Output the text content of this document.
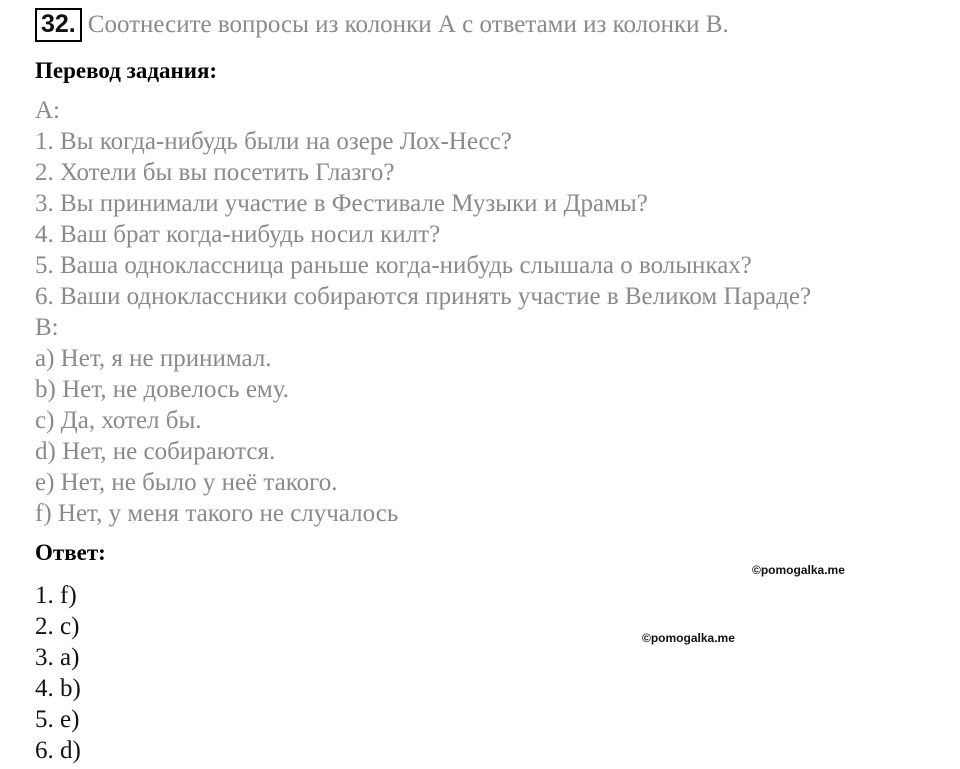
32. Соотнесите вопросы из колонки А с ответами из колонки В.
Перевод задания:
А:
1. Вы когда-нибудь были на озере Лох-Несс?
2. Хотели бы вы посетить Глазго?
3. Вы принимали участие в Фестивале Музыки и Драмы?
4. Ваш брат когда-нибудь носил килт?
5. Ваша одноклассница раньше когда-нибудь слышала о волынках?
6. Ваши одноклассники собираются принять участие в Великом Параде?
В:
a) Нет, я не принимал.
b) Нет, не довелось ему.
c) Да, хотел бы.
d) Нет, не собираются.
e) Нет, не было у неё такого.
f) Нет, у меня такого не случалось
Ответ:
1. f)
2. c)
3. a)
4. b)
5. e)
6. d)
©pomogalka.me
©pomogalka.me
